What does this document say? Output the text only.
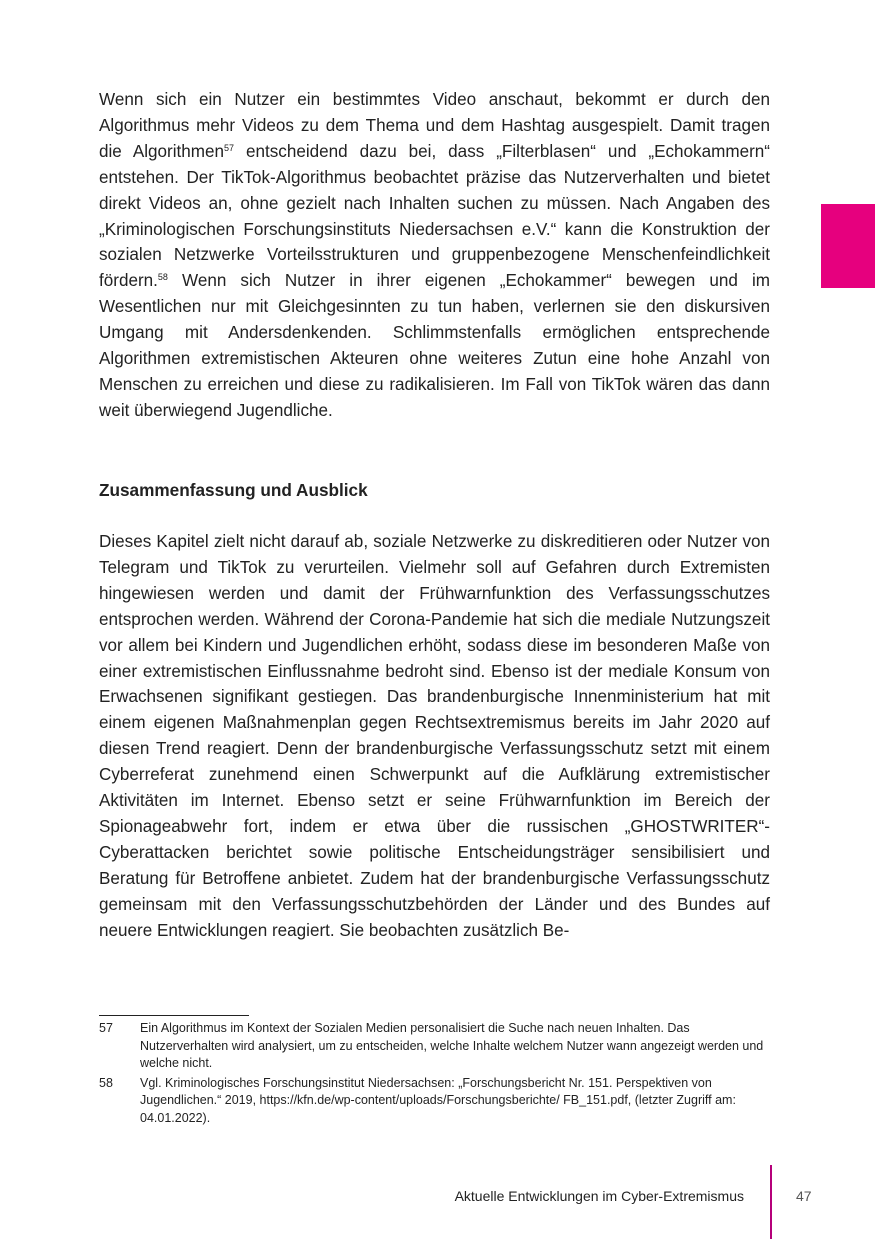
Wenn sich ein Nutzer ein bestimmtes Video anschaut, bekommt er durch den Algorithmus mehr Videos zu dem Thema und dem Hashtag ausgespielt. Damit tragen die Algorithmen$^{57}$ entscheidend dazu bei, dass „Filterblasen“ und „Echokammern“ entstehen. Der TikTok-Algorithmus beobachtet präzise das Nutzerverhalten und bietet direkt Videos an, ohne gezielt nach Inhalten suchen zu müssen. Nach Angaben des „Kriminologischen Forschungsinstituts Niedersachsen e.V.“ kann die Konstruktion der sozialen Netzwerke Vorteilsstrukturen und gruppenbezogene Menschenfeindlichkeit fördern.$^{58}$ Wenn sich Nutzer in ihrer eigenen „Echokammer“ bewegen und im Wesentlichen nur mit Gleichgesinnten zu tun haben, verlernen sie den diskursiven Umgang mit Andersdenkenden. Schlimmstenfalls ermöglichen entsprechende Algorithmen extremistischen Akteuren ohne weiteres Zutun eine hohe Anzahl von Menschen zu erreichen und diese zu radikalisieren. Im Fall von TikTok wären das dann weit überwiegend Jugendliche.

Zusammenfassung und Ausblick

Dieses Kapitel zielt nicht darauf ab, soziale Netzwerke zu diskreditieren oder Nutzer von Telegram und TikTok zu verurteilen. Vielmehr soll auf Gefahren durch Extremisten hingewiesen werden und damit der Frühwarnfunktion des Verfassungsschutzes entsprochen werden. Während der Corona-Pandemie hat sich die mediale Nutzungszeit vor allem bei Kindern und Jugendlichen erhöht, sodass diese im besonderen Maße von einer extremistischen Einflussnahme bedroht sind. Ebenso ist der mediale Konsum von Erwachsenen signifikant gestiegen. Das brandenburgische Innenministerium hat mit einem eigenen Maßnahmenplan gegen Rechtsextremismus bereits im Jahr 2020 auf diesen Trend reagiert. Denn der brandenburgische Verfassungsschutz setzt mit einem Cyberreferat zunehmend einen Schwerpunkt auf die Aufklärung extremistischer Aktivitäten im Internet. Ebenso setzt er seine Frühwarnfunktion im Bereich der Spionageabwehr fort, indem er etwa über die russischen „GHOSTWRITER“-Cyberattacken berichtet sowie politische Entscheidungsträger sensibilisiert und Beratung für Betroffene anbietet. Zudem hat der brandenburgische Verfassungsschutz gemeinsam mit den Verfassungsschutzbehörden der Länder und des Bundes auf neuere Entwicklungen reagiert. Sie beobachten zusätzlich Be-

57	Ein Algorithmus im Kontext der Sozialen Medien personalisiert die Suche nach neuen Inhalten. Das Nutzerverhalten wird analysiert, um zu entscheiden, welche Inhalte welchem Nutzer wann angezeigt werden und welche nicht.
58	Vgl. Kriminologisches Forschungsinstitut Niedersachsen: „Forschungsbericht Nr. 151. Perspektiven von Jugendlichen.“ 2019, https://kfn.de/wp-content/uploads/Forschungsberichte/ FB_151.pdf, (letzter Zugriff am: 04.01.2022).
Aktuelle Entwicklungen im Cyber-Extremismus	47
